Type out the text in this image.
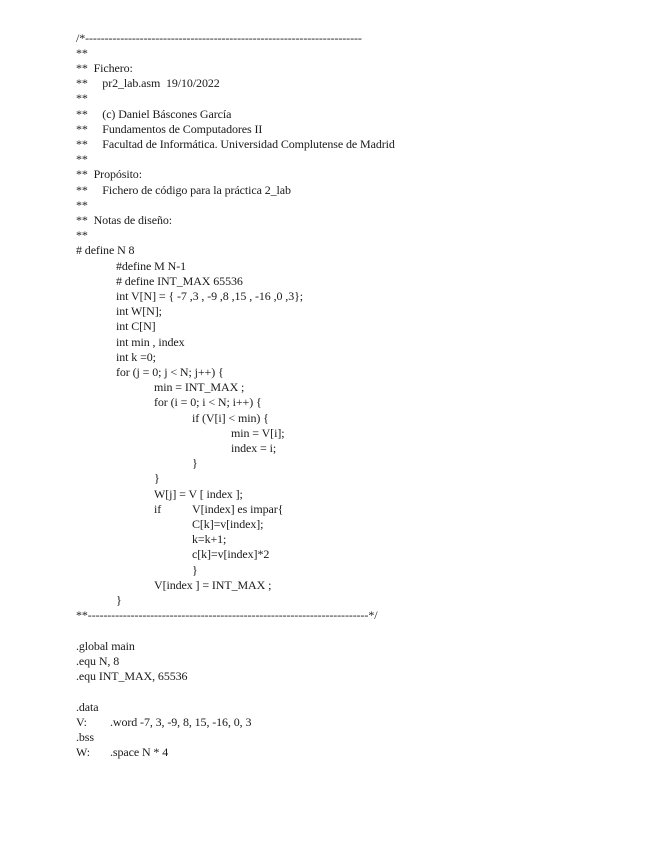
/*-----------------------------------------------------------------------
**
**  Fichero:
**     pr2_lab.asm  19/10/2022
**
**     (c) Daniel Báscones García
**     Fundamentos de Computadores II
**     Facultad de Informática. Universidad Complutense de Madrid
**
**  Propósito:
**     Fichero de código para la práctica 2_lab
**
**  Notas de diseño:
**
# define N 8
#define M N-1
# define INT_MAX 65536
int V[N] = { -7 ,3 , -9 ,8 ,15 , -16 ,0 ,3};
int W[N];
int C[N]
int min , index
int k =0;
for (j = 0; j < N; j++) {
min = INT_MAX ;
for (i = 0; i < N; i++) {
if (V[i] < min) {
min = V[i];
index = i;
}
}
W[j] = V [ index ];
if	V[index] es impar{
C[k]=v[index];
k=k+1;
c[k]=v[index]*2
}
V[index ] = INT_MAX ;
}
**------------------------------------------------------------------------*/
.global main
.equ N, 8
.equ INT_MAX, 65536
.data
V: .word -7, 3, -9, 8, 15, -16, 0, 3
.bss
W: .space N * 4
